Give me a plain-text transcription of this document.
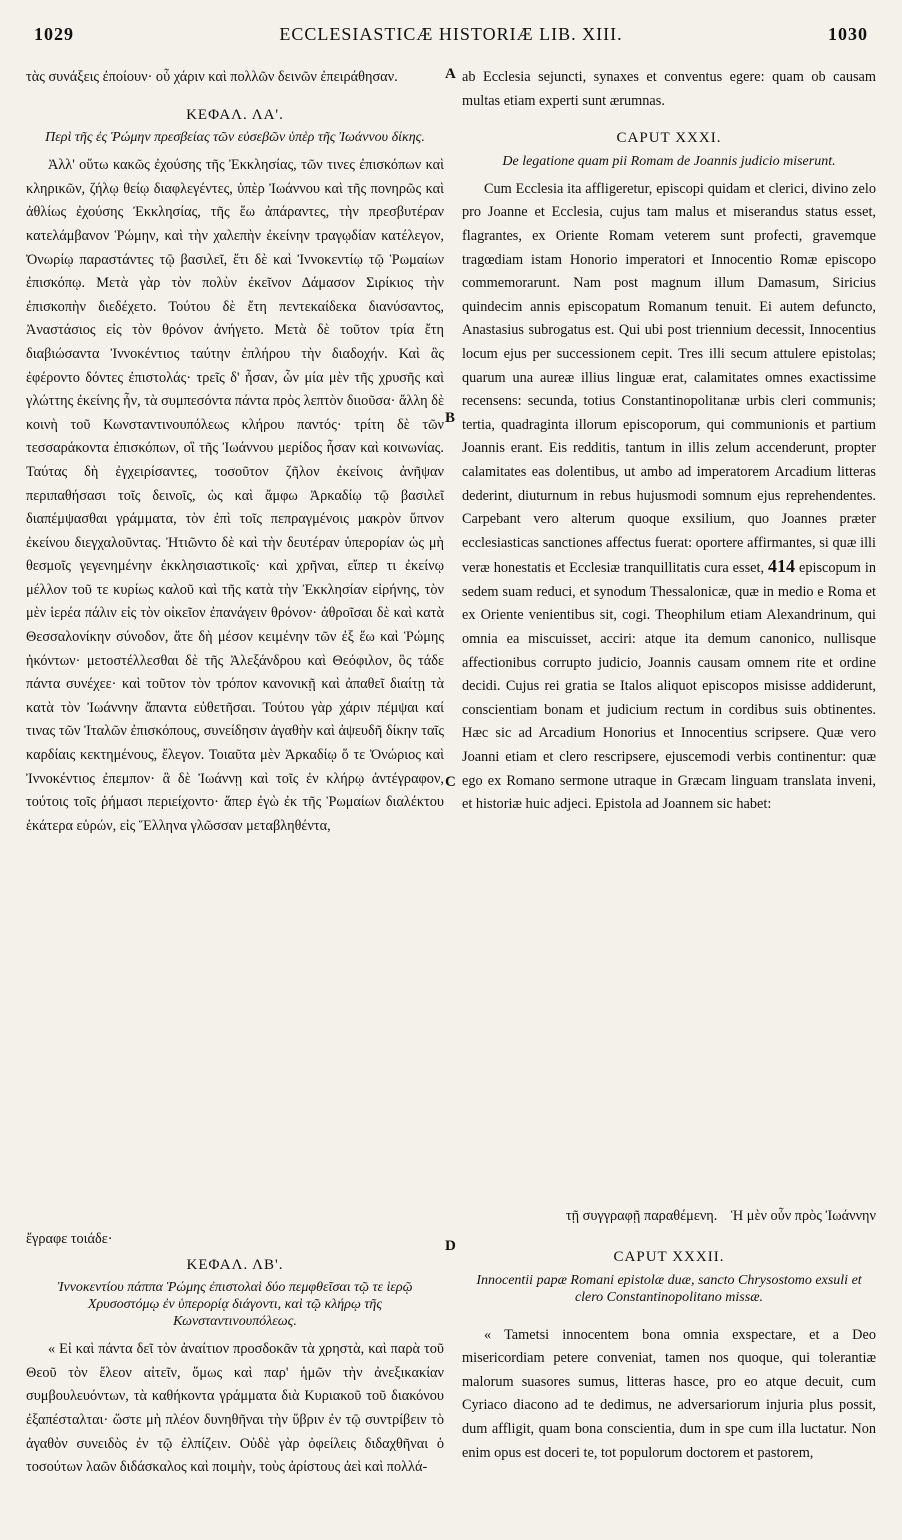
1029	ECCLESIASTICÆ HISTORIÆ LIB. XIII.	1030
A
B
C
D

τὰς συνάξεις ἐποίουν· οὗ χάριν καὶ πολλῶν δεινῶν ἐπειράθησαν.

ΚΕΦΑΛ. ΛΑ'.
Περὶ τῆς ἐς Ῥώμην πρεσβείας τῶν εὐσεβῶν ὑπὲρ τῆς Ἰωάννου δίκης.

Ἀλλ' οὕτω κακῶς ἐχούσης τῆς Ἐκκλησίας, τῶν τινες ἐπισκόπων καὶ κληρικῶν, ζήλῳ θείῳ διαφλεγέντες, ὑπὲρ Ἰωάννου καὶ τῆς πονηρῶς καὶ ἀθλίως ἐχούσης Ἐκκλησίας, τῆς ἕω ἀπάραντες, τὴν πρεσβυτέραν κατελάμβανον Ῥώμην, καὶ τὴν χαλεπὴν ἐκείνην τραγῳδίαν κατέλεγον, Ὀνωρίῳ παραστάντες τῷ βασιλεῖ, ἔτι δὲ καὶ Ἰννοκεντίῳ τῷ Ῥωμαίων ἐπισκόπῳ. Μετὰ γὰρ τὸν πολὺν ἐκεῖνον Δάμασον Σιρίκιος τὴν ἐπισκοπὴν διεδέχετο. Τούτου δὲ ἔτη πεντεκαίδεκα διανύσαντος, Ἀναστάσιος εἰς τὸν θρόνον ἀνήγετο. Μετὰ δὲ τοῦτον τρία ἔτη διαβιώσαντα Ἰννοκέντιος ταύτην ἐπλήρου τὴν διαδοχήν. Καὶ ἃς ἐφέροντο δόντες ἐπιστολάς· τρεῖς δ' ἦσαν, ὧν μία μὲν τῆς χρυσῆς καὶ γλώττης ἐκείνης ἦν, τὰ συμπεσόντα πάντα πρὸς λεπτὸν διιοῦσα· ἄλλη δὲ κοινὴ τοῦ Κωνσταντινουπόλεως κλήρου παντός· τρίτη δὲ τῶν τεσσαράκοντα ἐπισκόπων, οἳ τῆς Ἰωάννου μερίδος ἦσαν καὶ κοινωνίας. Ταύτας δὴ ἐγχειρίσαντες, τοσοῦτον ζῆλον ἐκείνοις ἀνῆψαν περιπαθήσασι τοῖς δεινοῖς, ὡς καὶ ἄμφω Ἀρκαδίῳ τῷ βασιλεῖ διαπέμψασθαι γράμματα, τὸν ἐπὶ τοῖς πεπραγμένοις μακρὸν ὕπνον ἐκείνου διεγχαλοῦντας. Ἠτιῶντο δὲ καὶ τὴν δευτέραν ὑπερορίαν ὡς μὴ θεσμοῖς γεγενημένην ἐκκλησιαστικοῖς· καὶ χρῆναι, εἴπερ τι ἐκείνῳ μέλλον τοῦ τε κυρίως καλοῦ καὶ τῆς κατὰ τὴν Ἐκκλησίαν εἰρήνης, τὸν μὲν ἱερέα πάλιν εἰς τὸν οἰκεῖον ἐπανάγειν θρόνον· ἀθροῖσαι δὲ καὶ κατὰ Θεσσαλονίκην σύνοδον, ἅτε δὴ μέσον κειμένην τῶν ἐξ ἕω καὶ Ῥώμης ἡκόντων· μετοστέλλεσθαι δὲ τῆς Ἀλεξάνδρου καὶ Θεόφιλον, ὃς τάδε πάντα συνέχεε· καὶ τοῦτον τὸν τρόπον κανονικῇ καὶ ἀπαθεῖ διαίτῃ τὰ κατὰ τὸν Ἰωάννην ἅπαντα εὐθετῆσαι. Τούτου γὰρ χάριν πέμψαι καί τινας τῶν Ἰταλῶν ἐπισκόπους, συνείδησιν ἀγαθὴν καὶ ἀψευδῆ δίκην ταῖς καρδίαις κεκτημένους, ἔλεγον. Τοιαῦτα μὲν Ἀρκαδίῳ ὅ τε Ὀνώριος καὶ Ἰννοκέντιος ἐπεμπον· ἃ δὲ Ἰωάννῃ καὶ τοῖς ἐν κλήρῳ ἀντέγραφον, τούτοις τοῖς ῥήμασι περιείχοντο· ἅπερ ἐγὼ ἐκ τῆς Ῥωμαίων διαλέκτου ἑκάτερα εὑρών, εἰς Ἕλληνα γλῶσσαν μεταβληθέντα,

ab Ecclesia sejuncti, synaxes et conventus egere: quam ob causam multas etiam experti sunt ærumnas.

CAPUT XXXI.
De legatione quam pii Romam de Joannis judicio miserunt.

Cum Ecclesia ita affligeretur, episcopi quidam et clerici, divino zelo pro Joanne et Ecclesia, cujus tam malus et miserandus status esset, flagrantes, ex Oriente Romam veterem sunt profecti, gravemque tragœdiam istam Honorio imperatori et Innocentio Romæ episcopo commemorarunt. Nam post magnum illum Damasum, Siricius quindecim annis episcopatum Romanum tenuit. Ei autem defuncto, Anastasius subrogatus est. Qui ubi post triennium decessit, Innocentius locum ejus per successionem cepit. Tres illi secum attulere epistolas; quarum una aureæ illius linguæ erat, calamitates omnes exactissime recensens: secunda, totius Constantinopolitanæ urbis cleri communis; tertia, quadraginta illorum episcoporum, qui communionis et partium Joannis erant. Eis redditis, tantum in illis zelum accenderunt, propter calamitates eas dolentibus, ut ambo ad imperatorem Arcadium litteras dederint, diuturnum in rebus hujusmodi somnum ejus reprehendentes. Carpebant vero alterum quoque exsilium, quo Joannes præter ecclesiasticas sanctiones affectus fuerat: oportere affirmantes, si quæ illi veræ honestatis et Ecclesiæ tranquillitatis cura esset, 414 episcopum in sedem suam reduci, et synodum Thessalonicæ, quæ in medio e Roma et ex Oriente venientibus sit, cogi. Theophilum etiam Alexandrinum, qui omnia ea miscuisset, acciri: atque ita demum canonico, nullisque affectionibus corrupto judicio, Joannis causam omnem rite et ordine decidi. Cujus rei gratia se Italos aliquot episcopos misisse addiderunt, conscientiam bonam et judicium rectum in cordibus suis obtinentes. Hæc sic ad Arcadium Honorius et Innocentius scripsere. Quæ vero Joanni etiam et clero rescripsere, ejuscemodi verbis continentur: quæ ego ex Romano sermone utraque in Græcam linguam translata inveni, et historiæ huic adjeci. Epistola ad Joannem sic habet:

τῇ συγγραφῇ παραθέμενη. Ἡ μὲν οὖν πρὸς Ἰωάννην

ἔγραφε τοιάδε·

ΚΕΦΑΛ. ΛΒ'.
Ἰννοκεντίου πάππα Ῥώμης ἐπιστολαὶ δύο πεμφθεῖσαι τῷ τε ἱερῷ Χρυσοστόμῳ ἐν ὑπερορίᾳ διάγοντι, καὶ τῷ κλήρῳ τῆς Κωνσταντινουπόλεως.

« Εἰ καὶ πάντα δεῖ τὸν ἀναίτιον προσδοκᾶν τὰ χρηστὰ, καὶ παρὰ τοῦ Θεοῦ τὸν ἔλεον αἰτεῖν, ὅμως καὶ παρ' ἡμῶν τὴν ἀνεξικακίαν συμβουλευόντων, τὰ καθήκοντα γράμματα διὰ Κυριακοῦ τοῦ διακόνου ἐξαπέσταλται· ὥστε μὴ πλέον δυνηθῆναι τὴν ὕβριν ἐν τῷ συντρίβειν τὸ ἀγαθὸν συνειδὸς ἐν τῷ ἐλπίζειν. Οὐδὲ γὰρ ὀφείλεις διδαχθῆναι ὁ τοσούτων λαῶν διδάσκαλος καὶ ποιμὴν, τοὺς ἀρίστους ἀεὶ καὶ πολλά-

CAPUT XXXII.
Innocentii papæ Romani epistolæ duæ, sancto Chrysostomo exsuli et clero Constantinopolitano missæ.

« Tametsi innocentem bona omnia exspectare, et a Deo misericordiam petere conveniat, tamen nos quoque, qui tolerantiæ malorum suasores sumus, litteras hasce, pro eo atque decuit, cum Cyriaco diacono ad te dedimus, ne adversariorum injuria plus possit, dum affligit, quam bona conscientia, dum in spe cum illa luctatur. Non enim opus est doceri te, tot populorum doctorem et pastorem,
